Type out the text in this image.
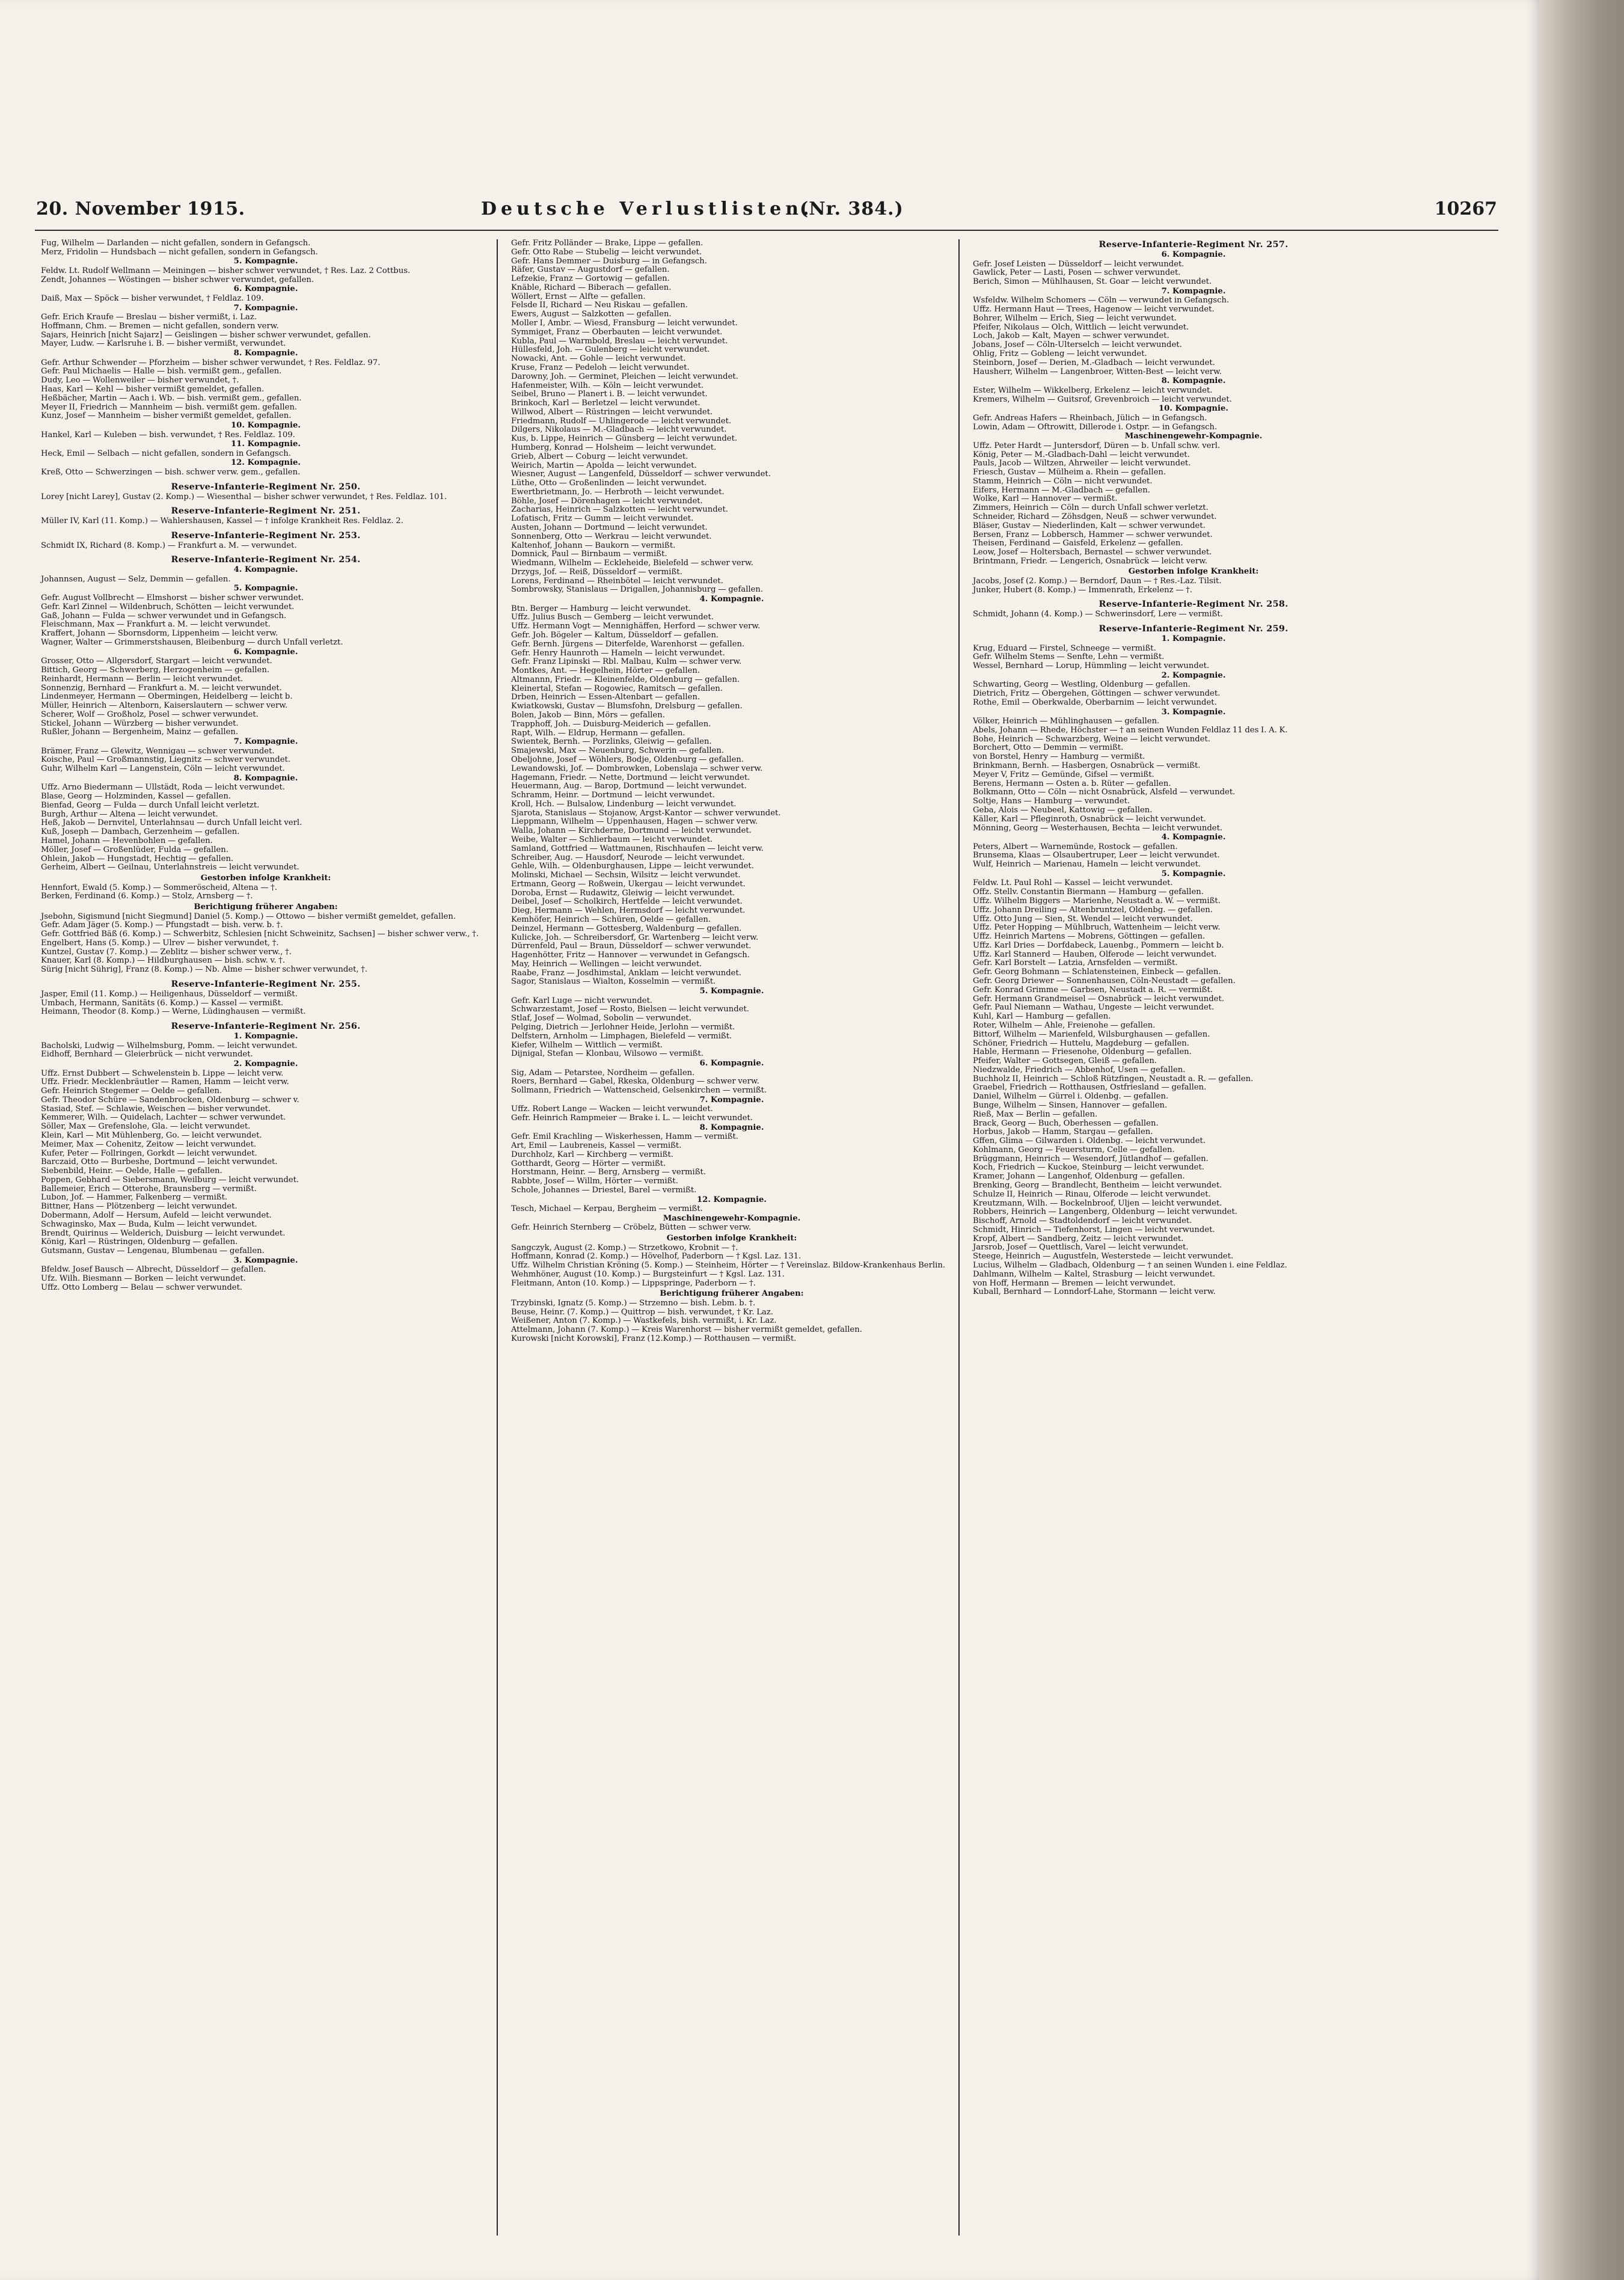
20. November 1915.	Deutsche Verlustlisten.
(Nr. 384.)	10267
Fug, Wilhelm — Darlanden — nicht gefallen, sondern in Gefangsch.
Merz, Fridolin — Hundsbach — nicht gefallen, sondern in Gefangsch.
5. Kompagnie.
Feldw. Lt. Rudolf Wellmann — Meiningen — bisher schwer verwundet, † Res. Laz. 2 Cottbus.
Zendt, Johannes — Wöstingen — bisher schwer verwundet, gefallen.
6. Kompagnie.
Daiß, Max — Spöck — bisher verwundet, † Feldlaz. 109.
7. Kompagnie.
Gefr. Erich Kraufe — Breslau — bisher vermißt, i. Laz.
Hoffmann, Chm. — Bremen — nicht gefallen, sondern verw.
Sajars, Heinrich [nicht Sajarz] — Geislingen — bisher schwer verwundet, gefallen.
Mayer, Ludw. — Karlsruhe i. B. — bisher vermißt, verwundet.
8. Kompagnie.
Gefr. Arthur Schwender — Pforzheim — bisher schwer verwundet, † Res. Feldlaz. 97.
Gefr. Paul Michaelis — Halle — bish. vermißt gem., gefallen.
Dudy, Leo — Wollenweiler — bisher verwundet, †.
Haas, Karl — Kehl — bisher vermißt gemeldet, gefallen.
Heßbächer, Martin — Aach i. Wb. — bish. vermißt gem., gefallen.
Meyer II, Friedrich — Mannheim — bish. vermißt gem. gefallen.
Kunz, Josef — Mannheim — bisher vermißt gemeldet, gefallen.
10. Kompagnie.
Hankel, Karl — Kuleben — bish. verwundet, † Res. Feldlaz. 109.
11. Kompagnie.
Heck, Emil — Selbach — nicht gefallen, sondern in Gefangsch.
12. Kompagnie.
Kreß, Otto — Schwerzingen — bish. schwer verw. gem., gefallen.
Reserve-Infanterie-Regiment Nr. 250.
Lorey [nicht Larey], Gustav (2. Komp.) — Wiesenthal — bisher schwer verwundet, † Res. Feldlaz. 101.
Reserve-Infanterie-Regiment Nr. 251.
Müller IV, Karl (11. Komp.) — Wahlershausen, Kassel — † infolge Krankheit Res. Feldlaz. 2.
Reserve-Infanterie-Regiment Nr. 253.
Schmidt IX, Richard (8. Komp.) — Frankfurt a. M. — verwundet.
Reserve-Infanterie-Regiment Nr. 254.
4. Kompagnie.
Johannsen, August — Selz, Demmin — gefallen.
5. Kompagnie.
Gefr. August Vollbrecht — Elmshorst — bisher schwer verwundet.
Gefr. Karl Zinnel — Wildenbruch, Schötten — leicht verwundet.
Gaß, Johann — Fulda — schwer verwundet und in Gefangsch.
Fleischmann, Max — Frankfurt a. M. — leicht verwundet.
Kraffert, Johann — Sbornsdorm, Lippenheim — leicht verw.
Wagner, Walter — Grimmerstshausen, Bleibenburg — durch Unfall verletzt.
6. Kompagnie.
Grosser, Otto — Allgersdorf, Stargart — leicht verwundet.
Bittich, Georg — Schwerberg, Herzogenheim — gefallen.
Reinhardt, Hermann — Berlin — leicht verwundet.
Sonnenzig, Bernhard — Frankfurt a. M. — leicht verwundet.
Lindenmeyer, Hermann — Obermingen, Heidelberg — leicht b.
Müller, Heinrich — Altenborn, Kaiserslautern — schwer verw.
Scherer, Wolf — Großholz, Posel — schwer verwundet.
Stickel, Johann — Würzberg — bisher verwundet.
Rußler, Johann — Bergenheim, Mainz — gefallen.
7. Kompagnie.
Brämer, Franz — Glewitz, Wennigau — schwer verwundet.
Koische, Paul — Großmannstig, Liegnitz — schwer verwundet.
Guhr, Wilhelm Karl — Langenstein, Cöln — leicht verwundet.
8. Kompagnie.
Uffz. Arno Biedermann — Ullstädt, Roda — leicht verwundet.
Blase, Georg — Holzminden, Kassel — gefallen.
Bienfad, Georg — Fulda — durch Unfall leicht verletzt.
Burgh, Arthur — Altena — leicht verwundet.
Heß, Jakob — Dernvitel, Unterlahnsau — durch Unfall leicht verl.
Kuß, Joseph — Dambach, Gerzenheim — gefallen.
Hamel, Johann — Hevenbohlen — gefallen.
Möller, Josef — Großenlüder, Fulda — gefallen.
Ohlein, Jakob — Hungstadt, Hechtig — gefallen.
Gerheim, Albert — Geilnau, Unterlahnstreis — leicht verwundet.
Gestorben infolge Krankheit:
Hennfort, Ewald (5. Komp.) — Sommeröscheid, Altena — †.
Berken, Ferdinand (6. Komp.) — Stolz, Arnsberg — †.
Berichtigung früherer Angaben:
Jsebohn, Sigismund [nicht Siegmund] Daniel (5. Komp.) — Ottowo — bisher vermißt gemeldet, gefallen.
Gefr. Adam Jäger (5. Komp.) — Pfungstadt — bish. verw. b. †.
Gefr. Gottfried Bäß (6. Komp.) — Schwerbitz, Schlesien [nicht Schweinitz, Sachsen] — bisher schwer verw., †.
Engelbert, Hans (5. Komp.) — Ulrev — bisher verwundet, †.
Kuntzel, Gustav (7. Komp.) — Zeblitz — bisher schwer verw., †.
Knauer, Karl (8. Komp.) — Hildburghausen — bish. schw. v. †.
Sürig [nicht Sührig], Franz (8. Komp.) — Nb. Alme — bisher schwer verwundet, †.
Reserve-Infanterie-Regiment Nr. 255.
Jasper, Emil (11. Komp.) — Heiligenhaus, Düsseldorf — vermißt.
Umbach, Hermann, Sanitäts (6. Komp.) — Kassel — vermißt.
Heimann, Theodor (8. Komp.) — Werne, Lüdinghausen — vermißt.
Reserve-Infanterie-Regiment Nr. 256.
1. Kompagnie.
Bacholski, Ludwig — Wilhelmsburg, Pomm. — leicht verwundet.
Eidhoff, Bernhard — Gleierbrück — nicht verwundet.
2. Kompagnie.
Uffz. Ernst Dubbert — Schwelenstein b. Lippe — leicht verw.
Uffz. Friedr. Mecklenbräutler — Ramen, Hamm — leicht verw.
Gefr. Heinrich Stegemer — Oelde — gefallen.
Gefr. Theodor Schüre — Sandenbrocken, Oldenburg — schwer v.
Stasiad, Stef. — Schlawie, Weischen — bisher verwundet.
Kemmerer, Wilh. — Quidelach, Lachter — schwer verwundet.
Söller, Max — Grefenslohe, Gla. — leicht verwundet.
Klein, Karl — Mit Mühlenberg, Go. — leicht verwundet.
Meimer, Max — Cohenitz, Zeitow — leicht verwundet.
Kufer, Peter — Follringen, Gorkdt — leicht verwundet.
Barczaid, Otto — Burbeshe, Dortmund — leicht verwundet.
Siebenbild, Heinr. — Oelde, Halle — gefallen.
Poppen, Gebhard — Siebersmann, Weilburg — leicht verwundet.
Ballemeier, Erich — Otterohe, Braunsberg — vermißt.
Lubon, Jof. — Hammer, Falkenberg — vermißt.
Bittner, Hans — Plötzenberg — leicht verwundet.
Dobermann, Adolf — Hersum, Aufeld — leicht verwundet.
Schwaginsko, Max — Buda, Kulm — leicht verwundet.
Brendt, Quirinus — Welderich, Duisburg — leicht verwundet.
König, Karl — Rüstringen, Oldenburg — gefallen.
Gutsmann, Gustav — Lengenau, Blumbenau — gefallen.
3. Kompagnie.
Bfeldw. Josef Bausch — Albrecht, Düsseldorf — gefallen.
Ufz. Wilh. Biesmann — Borken — leicht verwundet.
Uffz. Otto Lomberg — Belau — schwer verwundet.
Gefr. Fritz Polländer — Brake, Lippe — gefallen.
Gefr. Otto Rabe — Stubelig — leicht verwundet.
Gefr. Hans Demmer — Duisburg — in Gefangsch.
Räfer, Gustav — Augustdorf — gefallen.
Lefzekie, Franz — Gortowig — gefallen.
Knäble, Richard — Biberach — gefallen.
Wöllert, Ernst — Alfte — gefallen.
Felsde II, Richard — Neu Riskau — gefallen.
Ewers, August — Salzkotten — gefallen.
Moller I, Ambr. — Wiesd, Fransburg — leicht verwundet.
Symmiget, Franz — Oberbauten — leicht verwundet.
Kubla, Paul — Warmbold, Breslau — leicht verwundet.
Hüllesfeld, Joh. — Gulenberg — leicht verwundet.
Nowacki, Ant. — Gohle — leicht verwundet.
Kruse, Franz — Pedeloh — leicht verwundet.
Darowny, Joh. — Germinet, Pleichen — leicht verwundet.
Hafenmeister, Wilh. — Köln — leicht verwundet.
Seibel, Bruno — Planert i. B. — leicht verwundet.
Brinkoch, Karl — Berletzel — leicht verwundet.
Willwod, Albert — Rüstringen — leicht verwundet.
Friedmann, Rudolf — Uhlingerode — leicht verwundet.
Dilgers, Nikolaus — M.-Gladbach — leicht verwundet.
Kus, b. Lippe, Heinrich — Günsberg — leicht verwundet.
Humberg, Konrad — Holsheim — leicht verwundet.
Grieb, Albert — Coburg — leicht verwundet.
Weirich, Martin — Apolda — leicht verwundet.
Wiesner, August — Langenfeld, Düsseldorf — schwer verwundet.
Lüthe, Otto — Großenlinden — leicht verwundet.
Ewertbrietmann, Jo. — Herbroth — leicht verwundet.
Böhle, Josef — Dörenhagen — leicht verwundet.
Zacharias, Heinrich — Salzkotten — leicht verwundet.
Lofatisch, Fritz — Gumm — leicht verwundet.
Austen, Johann — Dortmund — leicht verwundet.
Sonnenberg, Otto — Werkrau — leicht verwundet.
Kaltenhof, Johann — Baukorn — vermißt.
Domnick, Paul — Birnbaum — vermißt.
Wiedmann, Wilhelm — Eckleheide, Bielefeld — schwer verw.
Drzygs, Jof. — Reiß, Düsseldorf — vermißt.
Lorens, Ferdinand — Rheinbötel — leicht verwundet.
Sombrowsky, Stanislaus — Drigallen, Johannisburg — gefallen.
4. Kompagnie.
Btn. Berger — Hamburg — leicht verwundet.
Uffz. Julius Busch — Gemberg — leicht verwundet.
Uffz. Hermann Vogt — Mennighäffen, Herford — schwer verw.
Gefr. Joh. Bögeler — Kaltum, Düsseldorf — gefallen.
Gefr. Bernh. Jürgens — Diterfelde, Warenhorst — gefallen.
Gefr. Henry Haunroth — Hameln — leicht verwundet.
Gefr. Franz Lipinski — Rbl. Malbau, Kulm — schwer verw.
Montkes, Ant. — Hegelhein, Hörter — gefallen.
Altmannn, Friedr. — Kleinenfelde, Oldenburg — gefallen.
Kleinertal, Stefan — Rogowiec, Ramitsch — gefallen.
Drben, Heinrich — Essen-Altenbart — gefallen.
Kwiatkowski, Gustav — Blumsfohn, Drelsburg — gefallen.
Bolen, Jakob — Binn, Mörs — gefallen.
Trapphoff, Joh. — Duisburg-Meiderich — gefallen.
Rapt, Wilh. — Eldrup, Hermann — gefallen.
Swientek, Bernh. — Porzlinks, Gleiwig — gefallen.
Smajewski, Max — Neuenburg, Schwerin — gefallen.
Obeljohne, Josef — Wöhlers, Bodje, Oldenburg — gefallen.
Lewandowski, Jof. — Dombrowken, Lobenslaja — schwer verw.
Hagemann, Friedr. — Nette, Dortmund — leicht verwundet.
Heuermann, Aug. — Barop, Dortmund — leicht verwundet.
Schramm, Heinr. — Dortmund — leicht verwundet.
Kroll, Hch. — Bulsalow, Lindenburg — leicht verwundet.
Sjarota, Stanislaus — Stojanow, Argst-Kantor — schwer verwundet.
Lieppmann, Wilhelm — Uppenhausen, Hagen — schwer verw.
Walla, Johann — Kirchderne, Dortmund — leicht verwundet.
Weibe, Walter — Schlierbaum — leicht verwundet.
Samland, Gottfried — Wattmaunen, Rischhaufen — leicht verw.
Schreiber, Aug. — Hausdorf, Neurode — leicht verwundet.
Gehle, Wilh. — Oldenburghausen, Lippe — leicht verwundet.
Molinski, Michael — Sechsin, Wilsitz — leicht verwundet.
Ertmann, Georg — Roßwein, Ukergau — leicht verwundet.
Doroba, Ernst — Rudawitz, Gleiwig — leicht verwundet.
Deibel, Josef — Scholkirch, Hertfelde — leicht verwundet.
Dieg, Hermann — Wehlen, Hermsdorf — leicht verwundet.
Kemhöfer, Heinrich — Schüren, Oelde — gefallen.
Deinzel, Hermann — Gottesberg, Waldenburg — gefallen.
Kulicke, Joh. — Schreibersdorf, Gr. Wartenberg — leicht verw.
Dürrenfeld, Paul — Braun, Düsseldorf — schwer verwundet.
Hagenhötter, Fritz — Hannover — verwundet in Gefangsch.
May, Heinrich — Wellingen — leicht verwundet.
Raabe, Franz — Josdhimstal, Anklam — leicht verwundet.
Sagor, Stanislaus — Wialton, Kosselmin — vermißt.
5. Kompagnie.
Gefr. Karl Luge — nicht verwundet.
Schwarzestamt, Josef — Rosto, Bielsen — leicht verwundet.
Stlaf, Josef — Wolmad, Sobolin — verwundet.
Pelging, Dietrich — Jerlohner Heide, Jerlohn — vermißt.
Delfstern, Arnholm — Limphagen, Bielefeld — vermißt.
Kiefer, Wilhelm — Wittlich — vermißt.
Dijnigal, Stefan — Klonbau, Wilsowo — vermißt.
6. Kompagnie.
Sig, Adam — Petarstee, Nordheim — gefallen.
Roers, Bernhard — Gabel, Rkeska, Oldenburg — schwer verw.
Sollmann, Friedrich — Wattenscheid, Gelsenkirchen — vermißt.
7. Kompagnie.
Uffz. Robert Lange — Wacken — leicht verwundet.
Gefr. Heinrich Rampmeier — Brake i. L. — leicht verwundet.
8. Kompagnie.
Gefr. Emil Krachling — Wiskerhessen, Hamm — vermißt.
Art, Emil — Laubreneis, Kassel — vermißt.
Durchholz, Karl — Kirchberg — vermißt.
Gotthardt, Georg — Hörter — vermißt.
Horstmann, Heinr. — Berg, Arnsberg — vermißt.
Rabbte, Josef — Willm, Hörter — vermißt.
Schole, Johannes — Driestel, Barel — vermißt.
12. Kompagnie.
Tesch, Michael — Kerpau, Bergheim — vermißt.
Maschinengewehr-Kompagnie.
Gefr. Heinrich Sternberg — Cröbelz, Bütten — schwer verw.
Gestorben infolge Krankheit:
Sangczyk, August (2. Komp.) — Strzetkowo, Krobnit — †.
Hoffmann, Konrad (2. Komp.) — Hövelhof, Paderborn — † Kgsl. Laz. 131.
Uffz. Wilhelm Christian Kröning (5. Komp.) — Steinheim, Hörter — † Vereinslaz. Bildow-Krankenhaus Berlin.
Wehmhöner, August (10. Komp.) — Burgsteinfurt — † Kgsl. Laz. 131.
Fleitmann, Anton (10. Komp.) — Lippspringe, Paderborn — †.
Berichtigung früherer Angaben:
Trzybinski, Ignatz (5. Komp.) — Strzemno — bish. Lebm. b. †.
Beuse, Heinr. (7. Komp.) — Quittrop — bish. verwundet, † Kr. Laz.
Weißener, Anton (7. Komp.) — Wastkefels, bish. vermißt, i. Kr. Laz.
Attelmann, Johann (7. Komp.) — Kreis Warenhorst — bisher vermißt gemeldet, gefallen.
Kurowski [nicht Korowski], Franz (12.Komp.) — Rotthausen — vermißt.
Reserve-Infanterie-Regiment Nr. 257.
6. Kompagnie.
Gefr. Josef Leisten — Düsseldorf — leicht verwundet.
Gawlick, Peter — Lasti, Posen — schwer verwundet.
Berich, Simon — Mühlhausen, St. Goar — leicht verwundet.
7. Kompagnie.
Wsfeldw. Wilhelm Schomers — Cöln — verwundet in Gefangsch.
Uffz. Hermann Haut — Trees, Hagenow — leicht verwundet.
Bohrer, Wilhelm — Erich, Sieg — leicht verwundet.
Pfeifer, Nikolaus — Olch, Wittlich — leicht verwundet.
Loch, Jakob — Kalt, Mayen — schwer verwundet.
Jobans, Josef — Cöln-Ulterselch — leicht verwundet.
Ohlig, Fritz — Gobleng — leicht verwundet.
Steinborn, Josef — Derien, M.-Gladbach — leicht verwundet.
Hausherr, Wilhelm — Langenbroer, Witten-Best — leicht verw.
8. Kompagnie.
Ester, Wilhelm — Wikkelberg, Erkelenz — leicht verwundet.
Kremers, Wilhelm — Guitsrof, Grevenbroich — leicht verwundet.
10. Kompagnie.
Gefr. Andreas Hafers — Rheinbach, Jülich — in Gefangsch.
Lowin, Adam — Oftrowitt, Dillerode i. Ostpr. — in Gefangsch.
Maschinengewehr-Kompagnie.
Uffz. Peter Hardt — Juntersdorf, Düren — b. Unfall schw. verl.
König, Peter — M.-Gladbach-Dahl — leicht verwundet.
Pauls, Jacob — Wiltzen, Ahrweiler — leicht verwundet.
Friesch, Gustav — Mülheim a. Rhein — gefallen.
Stamm, Heinrich — Cöln — nicht verwundet.
Eifers, Hermann — M.-Gladbach — gefallen.
Wolke, Karl — Hannover — vermißt.
Zimmers, Heinrich — Cöln — durch Unfall schwer verletzt.
Schneider, Richard — Zöhsdgen, Neuß — schwer verwundet.
Bläser, Gustav — Niederlinden, Kalt — schwer verwundet.
Bersen, Franz — Lobbersch, Hammer — schwer verwundet.
Theisen, Ferdinand — Gaisfeld, Erkelenz — gefallen.
Leow, Josef — Holtersbach, Bernastel — schwer verwundet.
Brintmann, Friedr. — Lengerich, Osnabrück — leicht verw.
Gestorben infolge Krankheit:
Jacobs, Josef (2. Komp.) — Berndorf, Daun — † Res.-Laz. Tilsit.
Junker, Hubert (8. Komp.) — Immenrath, Erkelenz — †.
Reserve-Infanterie-Regiment Nr. 258.
Schmidt, Johann (4. Komp.) — Schwerinsdorf, Lere — vermißt.
Reserve-Infanterie-Regiment Nr. 259.
1. Kompagnie.
Krug, Eduard — Firstel, Schneege — vermißt.
Gefr. Wilhelm Stems — Senfte, Lehn — vermißt.
Wessel, Bernhard — Lorup, Hümmling — leicht verwundet.
2. Kompagnie.
Schwarting, Georg — Westling, Oldenburg — gefallen.
Dietrich, Fritz — Obergehen, Göttingen — schwer verwundet.
Rothe, Emil — Oberkwalde, Oberbarnim — leicht verwundet.
3. Kompagnie.
Völker, Heinrich — Mühlinghausen — gefallen.
Abels, Johann — Rhede, Höchster — † an seinen Wunden Feldlaz 11 des I. A. K.
Bohe, Heinrich — Schwarzberg, Weine — leicht verwundet.
Borchert, Otto — Demmin — vermißt.
von Borstel, Henry — Hamburg — vermißt.
Brinkmann, Bernh. — Hasbergen, Osnabrück — vermißt.
Meyer V, Fritz — Gemünde, Gifsel — vermißt.
Berens, Hermann — Osten a. b. Rüter — gefallen.
Bolkmann, Otto — Cöln — nicht Osnabrück, Alsfeld — verwundet.
Soltje, Hans — Hamburg — verwundet.
Geba, Alois — Neubeel, Kattowig — gefallen.
Käller, Karl — Pfleginroth, Osnabrück — leicht verwundet.
Mönning, Georg — Westerhausen, Bechta — leicht verwundet.
4. Kompagnie.
Peters, Albert — Warnemünde, Rostock — gefallen.
Brunsema, Klaas — Olsaubertruper, Leer — leicht verwundet.
Wulf, Heinrich — Marienau, Hameln — leicht verwundet.
5. Kompagnie.
Feldw. Lt. Paul Rohl — Kassel — leicht verwundet.
Offz. Stellv. Constantin Biermann — Hamburg — gefallen.
Uffz. Wilhelm Biggers — Marienhe, Neustadt a. W. — vermißt.
Uffz. Johann Dreiling — Altenbruntzel, Oldenbg. — gefallen.
Uffz. Otto Jung — Sien, St. Wendel — leicht verwundet.
Uffz. Peter Hopping — Mühlbruch, Wattenheim — leicht verw.
Uffz. Heinrich Martens — Mobrens, Göttingen — gefallen.
Uffz. Karl Dries — Dorfdabeck, Lauenbg., Pommern — leicht b.
Uffz. Karl Stannerd — Hauben, Olferode — leicht verwundet.
Gefr. Karl Borstelt — Latzia, Arnsfelden — vermißt.
Gefr. Georg Bohmann — Schlatensteinen, Einbeck — gefallen.
Gefr. Georg Driewer — Sonnenhausen, Cöln-Neustadt — gefallen.
Gefr. Konrad Grimme — Garbsen, Neustadt a. R. — vermißt.
Gefr. Hermann Grandmeisel — Osnabrück — leicht verwundet.
Gefr. Paul Niemann — Wathau, Ungeste — leicht verwundet.
Kuhl, Karl — Hamburg — gefallen.
Roter, Wilhelm — Ahle, Freienohe — gefallen.
Bittorf, Wilhelm — Marienfeld, Wilsburghausen — gefallen.
Schöner, Friedrich — Huttelu, Magdeburg — gefallen.
Hable, Hermann — Friesenohe, Oldenburg — gefallen.
Pfeifer, Walter — Gottsegen, Gleiß — gefallen.
Niedzwalde, Friedrich — Abbenhof, Usen — gefallen.
Buchholz II, Heinrich — Schloß Rützfingen, Neustadt a. R. — gefallen.
Graebel, Friedrich — Rotthausen, Ostfriesland — gefallen.
Daniel, Wilhelm — Gürrel i. Oldenbg. — gefallen.
Bunge, Wilhelm — Sinsen, Hannover — gefallen.
Rieß, Max — Berlin — gefallen.
Brack, Georg — Buch, Oberhessen — gefallen.
Horbus, Jakob — Hamm, Stargau — gefallen.
Gffen, Glima — Gilwarden i. Oldenbg. — leicht verwundet.
Kohlmann, Georg — Feuersturm, Celle — gefallen.
Brüggmann, Heinrich — Wesendorf, Jütlandhof — gefallen.
Koch, Friedrich — Kuckoe, Steinburg — leicht verwundet.
Kramer, Johann — Langenhof, Oldenburg — gefallen.
Brenking, Georg — Brandlecht, Bentheim — leicht verwundet.
Schulze II, Heinrich — Rinau, Olferode — leicht verwundet.
Kreutzmann, Wilh. — Bockelnbroof, Uljen — leicht verwundet.
Robbers, Heinrich — Langenberg, Oldenburg — leicht verwundet.
Bischoff, Arnold — Stadtoldendorf — leicht verwundet.
Schmidt, Hinrich — Tiefenhorst, Lingen — leicht verwundet.
Kropf, Albert — Sandberg, Zeitz — leicht verwundet.
Jarsrob, Josef — Quettlisch, Varel — leicht verwundet.
Steege, Heinrich — Augustfeln, Westerstede — leicht verwundet.
Lucius, Wilhelm — Gladbach, Oldenburg — † an seinen Wunden i. eine Feldlaz.
Dahlmann, Wilhelm — Kaltel, Strasburg — leicht verwundet.
von Hoff, Hermann — Bremen — leicht verwundet.
Kuball, Bernhard — Lonndorf-Lahe, Stormann — leicht verw.
